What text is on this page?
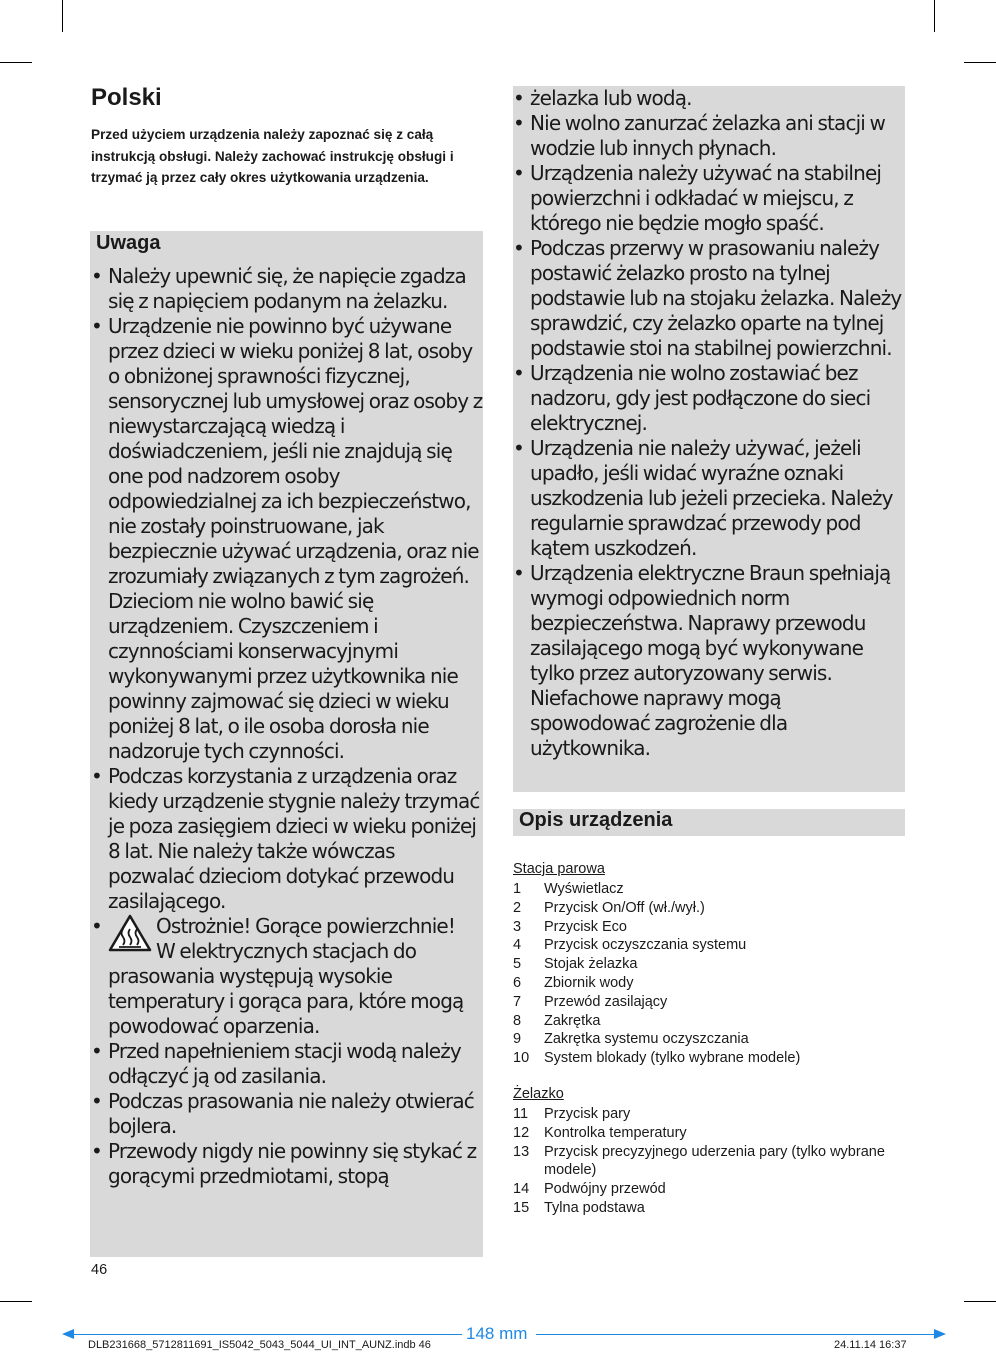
Polski
Przed użyciem urządzenia należy zapoznać się z całą instrukcją obsługi. Należy zachować instrukcję obsługi i trzymać ją przez cały okres użytkowania urządzenia.
Uwaga
• Należy upewnić się, że napięcie zgadza się z napięciem podanym na żelazku.
• Urządzenie nie powinno być używane przez dzieci w wieku poniżej 8 lat, osoby o obniżonej sprawności fizycznej, sensorycznej lub umysłowej oraz osoby z niewystarczającą wiedzą i doświadczeniem, jeśli nie znajdują się one pod nadzorem osoby odpowiedzialnej za ich bezpieczeństwo, nie zostały poinstruowane, jak bezpiecznie używać urządzenia, oraz nie zrozumiały związanych z tym zagrożeń. Dzieciom nie wolno bawić się urządzeniem. Czyszczeniem i czynnościami konserwacyjnymi wykonywanymi przez użytkownika nie powinny zajmować się dzieci w wieku poniżej 8 lat, o ile osoba dorosła nie nadzoruje tych czynności.
• Podczas korzystania z urządzenia oraz kiedy urządzenie stygnie należy trzymać je poza zasięgiem dzieci w wieku poniżej 8 lat. Nie należy także wówczas pozwalać dzieciom dotykać przewodu zasilającego.
• Ostrożnie! Gorące powierzchnie!
W elektrycznych stacjach do
prasowania występują wysokie temperatury i gorąca para, które mogą powodować oparzenia.
• Przed napełnieniem stacji wodą należy odłączyć ją od zasilania.
• Podczas prasowania nie należy otwierać bojlera.
• Przewody nigdy nie powinny się stykać z gorącymi przedmiotami, stopą
• żelazka lub wodą.
• Nie wolno zanurzać żelazka ani stacji w wodzie lub innych płynach.
• Urządzenia należy używać na stabilnej powierzchni i odkładać w miejscu, z którego nie będzie mogło spaść.
• Podczas przerwy w prasowaniu należy postawić żelazko prosto na tylnej podstawie lub na stojaku żelazka. Należy sprawdzić, czy żelazko oparte na tylnej podstawie stoi na stabilnej powierzchni.
• Urządzenia nie wolno zostawiać bez nadzoru, gdy jest podłączone do sieci elektrycznej.
• Urządzenia nie należy używać, jeżeli upadło, jeśli widać wyraźne oznaki uszkodzenia lub jeżeli przecieka. Należy regularnie sprawdzać przewody pod kątem uszkodzeń.
• Urządzenia elektryczne Braun spełniają wymogi odpowiednich norm bezpieczeństwa. Naprawy przewodu zasilającego mogą być wykonywane tylko przez autoryzowany serwis. Niefachowe naprawy mogą spowodować zagrożenie dla użytkownika.
Opis urządzenia
Stacja parowa
1	Wyświetlacz
2	Przycisk On/Off (wł./wył.)
3	Przycisk Eco
4	Przycisk oczyszczania systemu
5	Stojak żelazka
6	Zbiornik wody
7	Przewód zasilający
8	Zakrętka
9	Zakrętka systemu oczyszczania
10	System blokady (tylko wybrane modele)
Żelazko
11	Przycisk pary
12	Kontrolka temperatury
13	Przycisk precyzyjnego uderzenia pary (tylko wybrane modele)
14	Podwójny przewód
15	Tylna podstawa
46
148 mm
DLB231668_5712811691_IS5042_5043_5044_UI_INT_AUNZ.indb 46	24.11.14 16:37
